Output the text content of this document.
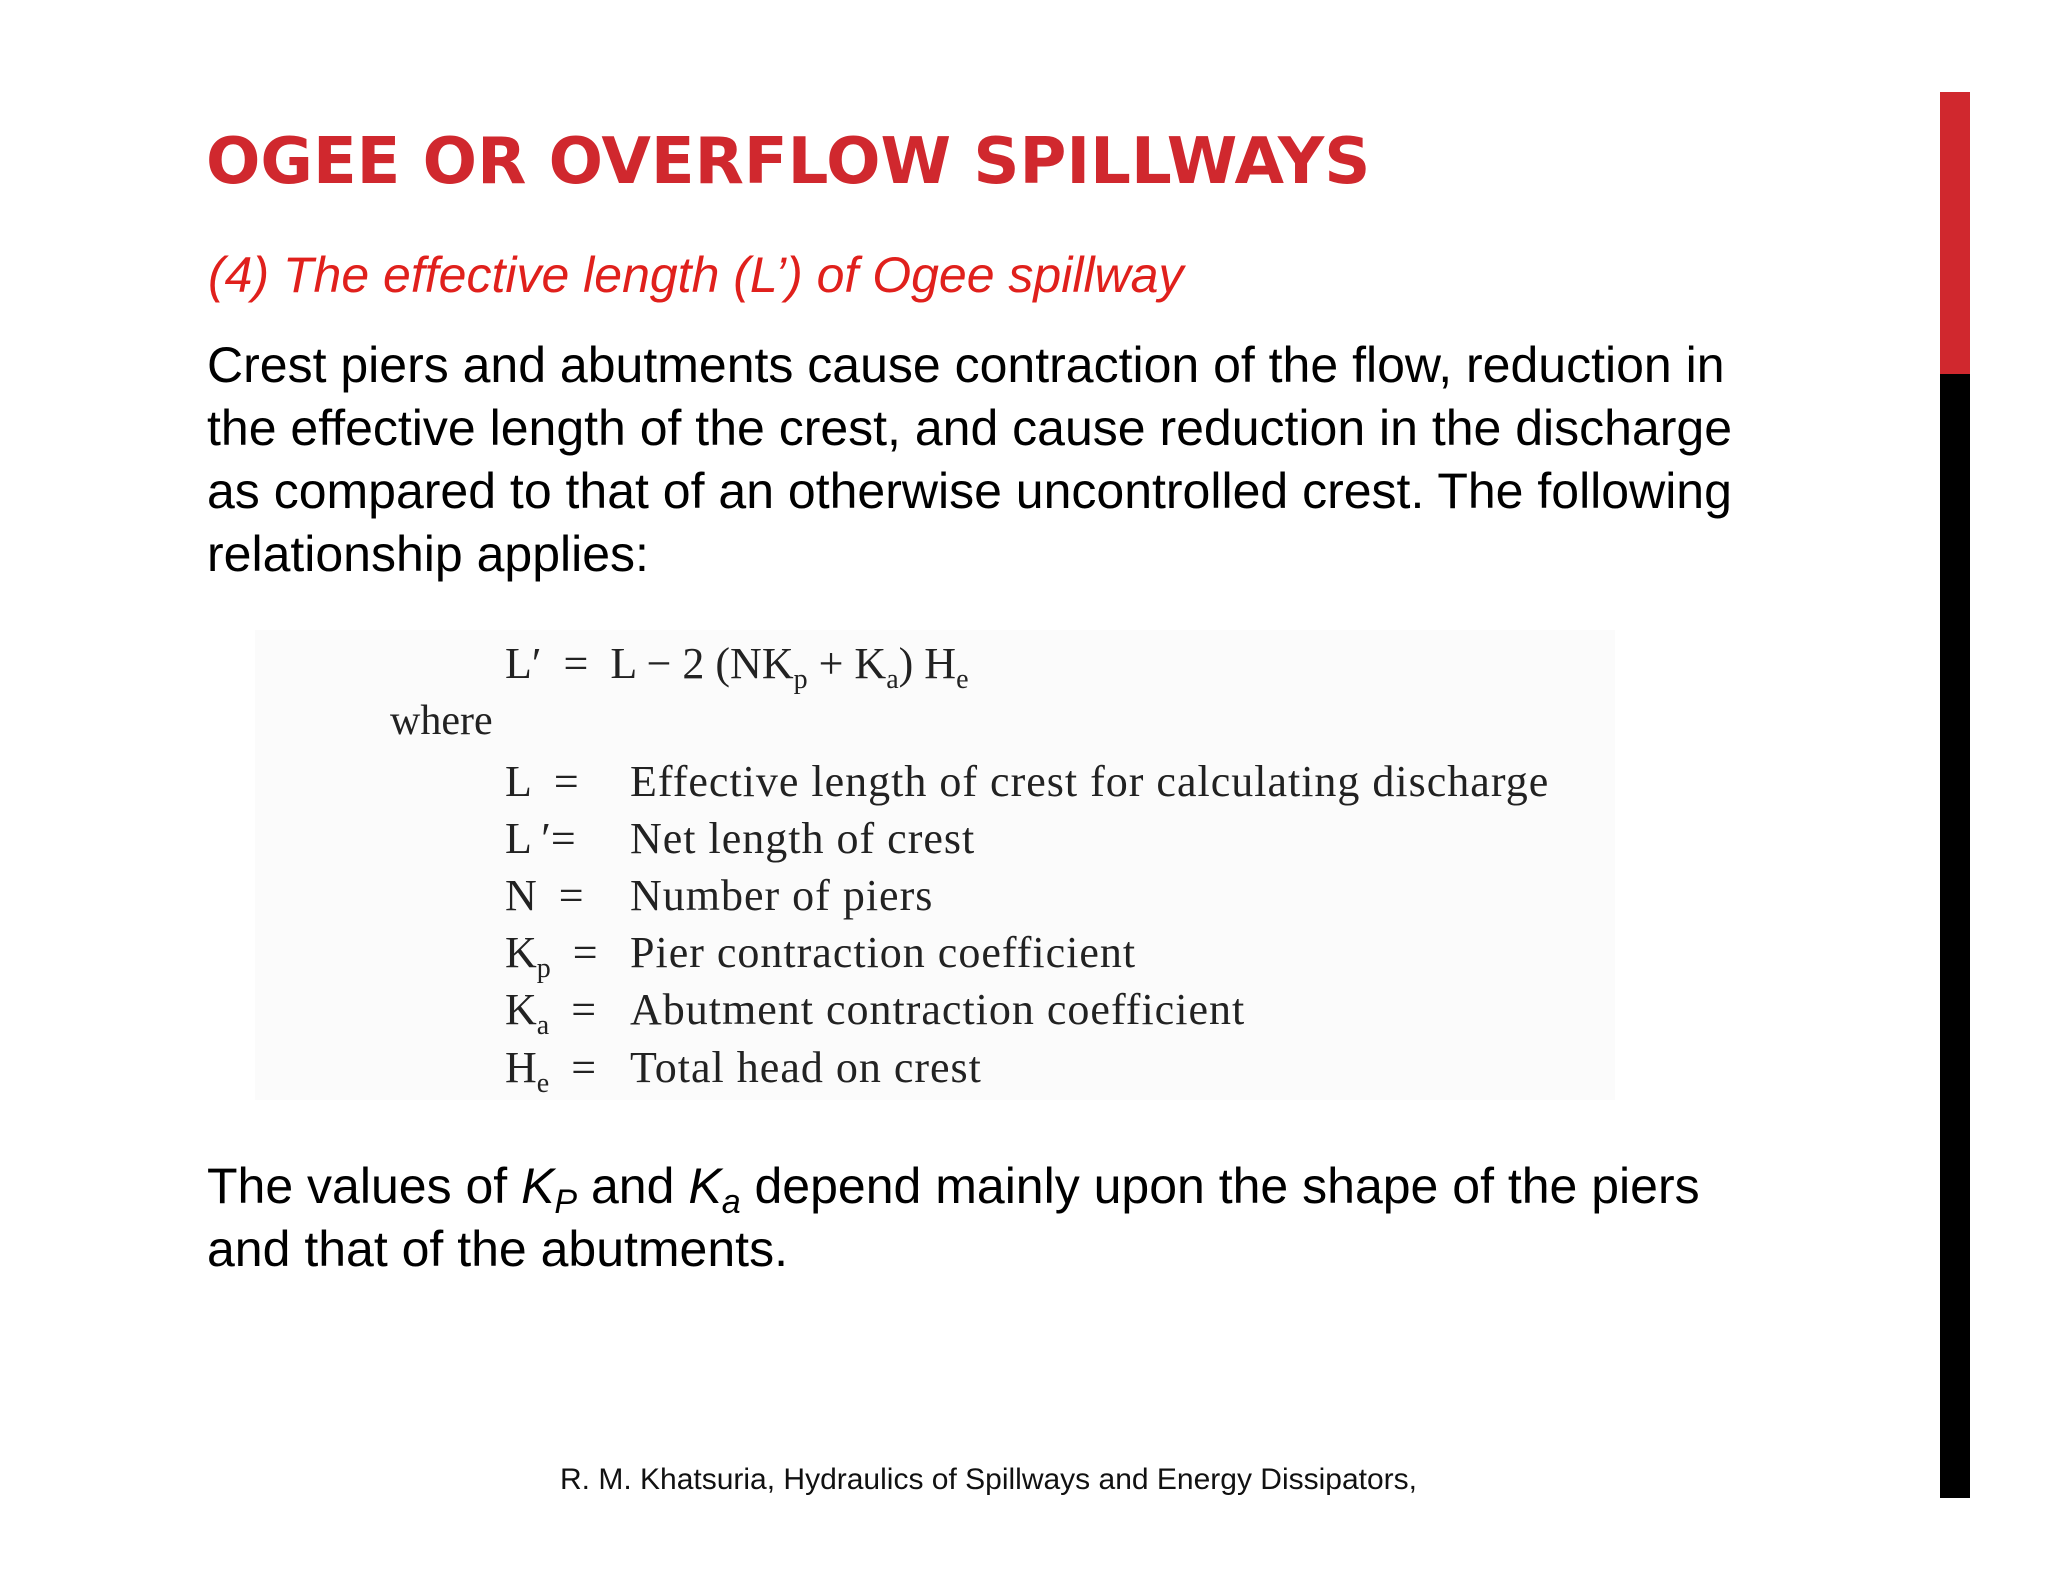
OGEE OR OVERFLOW SPILLWAYS
(4) The effective length (L’) of Ogee spillway
Crest piers and abutments cause contraction of the flow, reduction in
the effective length of the crest, and cause reduction in the discharge
as compared to that of an otherwise uncontrolled crest. The following
relationship applies:
L′ = L − 2 $(NK_p + K_a)$ $H_e$
where
L = Effective length of crest for calculating discharge
L ′= Net length of crest
N = Number of piers
$K_p$ = Pier contraction coefficient
$K_a$ = Abutment contraction coefficient
$H_e$ = Total head on crest
The values of $K_P$ and $K_a$ depend mainly upon the shape of the piers
and that of the abutments.
R. M. Khatsuria, Hydraulics of Spillways and Energy Dissipators,
